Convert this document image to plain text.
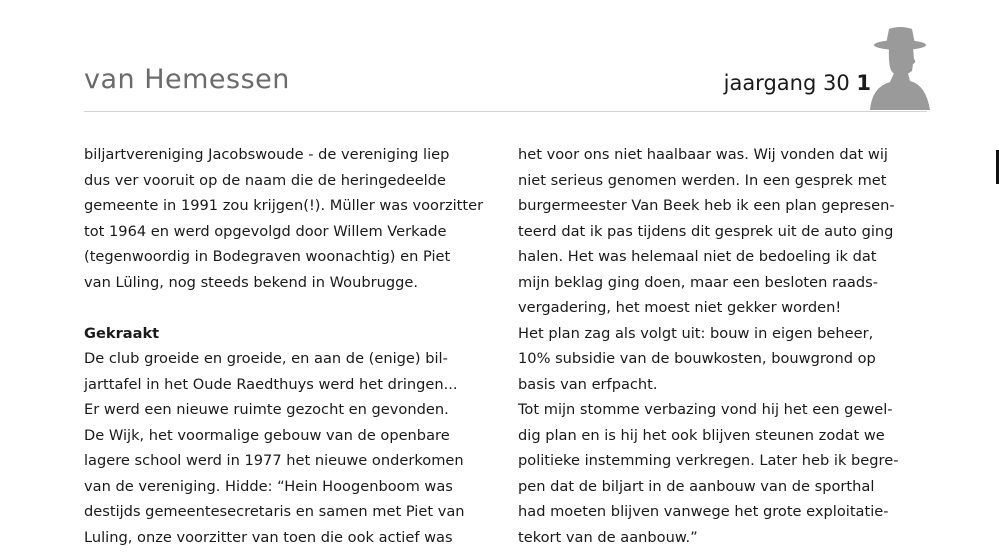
van Hemessen	jaargang 30 1
biljartvereniging Jacobswoude - de vereniging liep
dus ver vooruit op de naam die de heringedeelde
gemeente in 1991 zou krijgen(!). Müller was voorzitter
tot 1964 en werd opgevolgd door Willem Verkade
(tegenwoordig in Bodegraven woonachtig) en Piet
van Lüling, nog steeds bekend in Woubrugge.
Gekraakt
De club groeide en groeide, en aan de (enige) bil-
jarttafel in het Oude Raedthuys werd het dringen...
Er werd een nieuwe ruimte gezocht en gevonden.
De Wijk, het voormalige gebouw van de openbare
lagere school werd in 1977 het nieuwe onderkomen
van de vereniging. Hidde: “Hein Hoogenboom was
destijds gemeentesecretaris en samen met Piet van
Luling, onze voorzitter van toen die ook actief was
het voor ons niet haalbaar was. Wij vonden dat wij
niet serieus genomen werden. In een gesprek met
burgermeester Van Beek heb ik een plan gepresen-
teerd dat ik pas tijdens dit gesprek uit de auto ging
halen. Het was helemaal niet de bedoeling ik dat
mijn beklag ging doen, maar een besloten raads-
vergadering, het moest niet gekker worden!
Het plan zag als volgt uit: bouw in eigen beheer,
10% subsidie van de bouwkosten, bouwgrond op
basis van erfpacht.
Tot mijn stomme verbazing vond hij het een gewel-
dig plan en is hij het ook blijven steunen zodat we
politieke instemming verkregen. Later heb ik begre-
pen dat de biljart in de aanbouw van de sporthal
had moeten blijven vanwege het grote exploitatie-
tekort van de aanbouw.”
